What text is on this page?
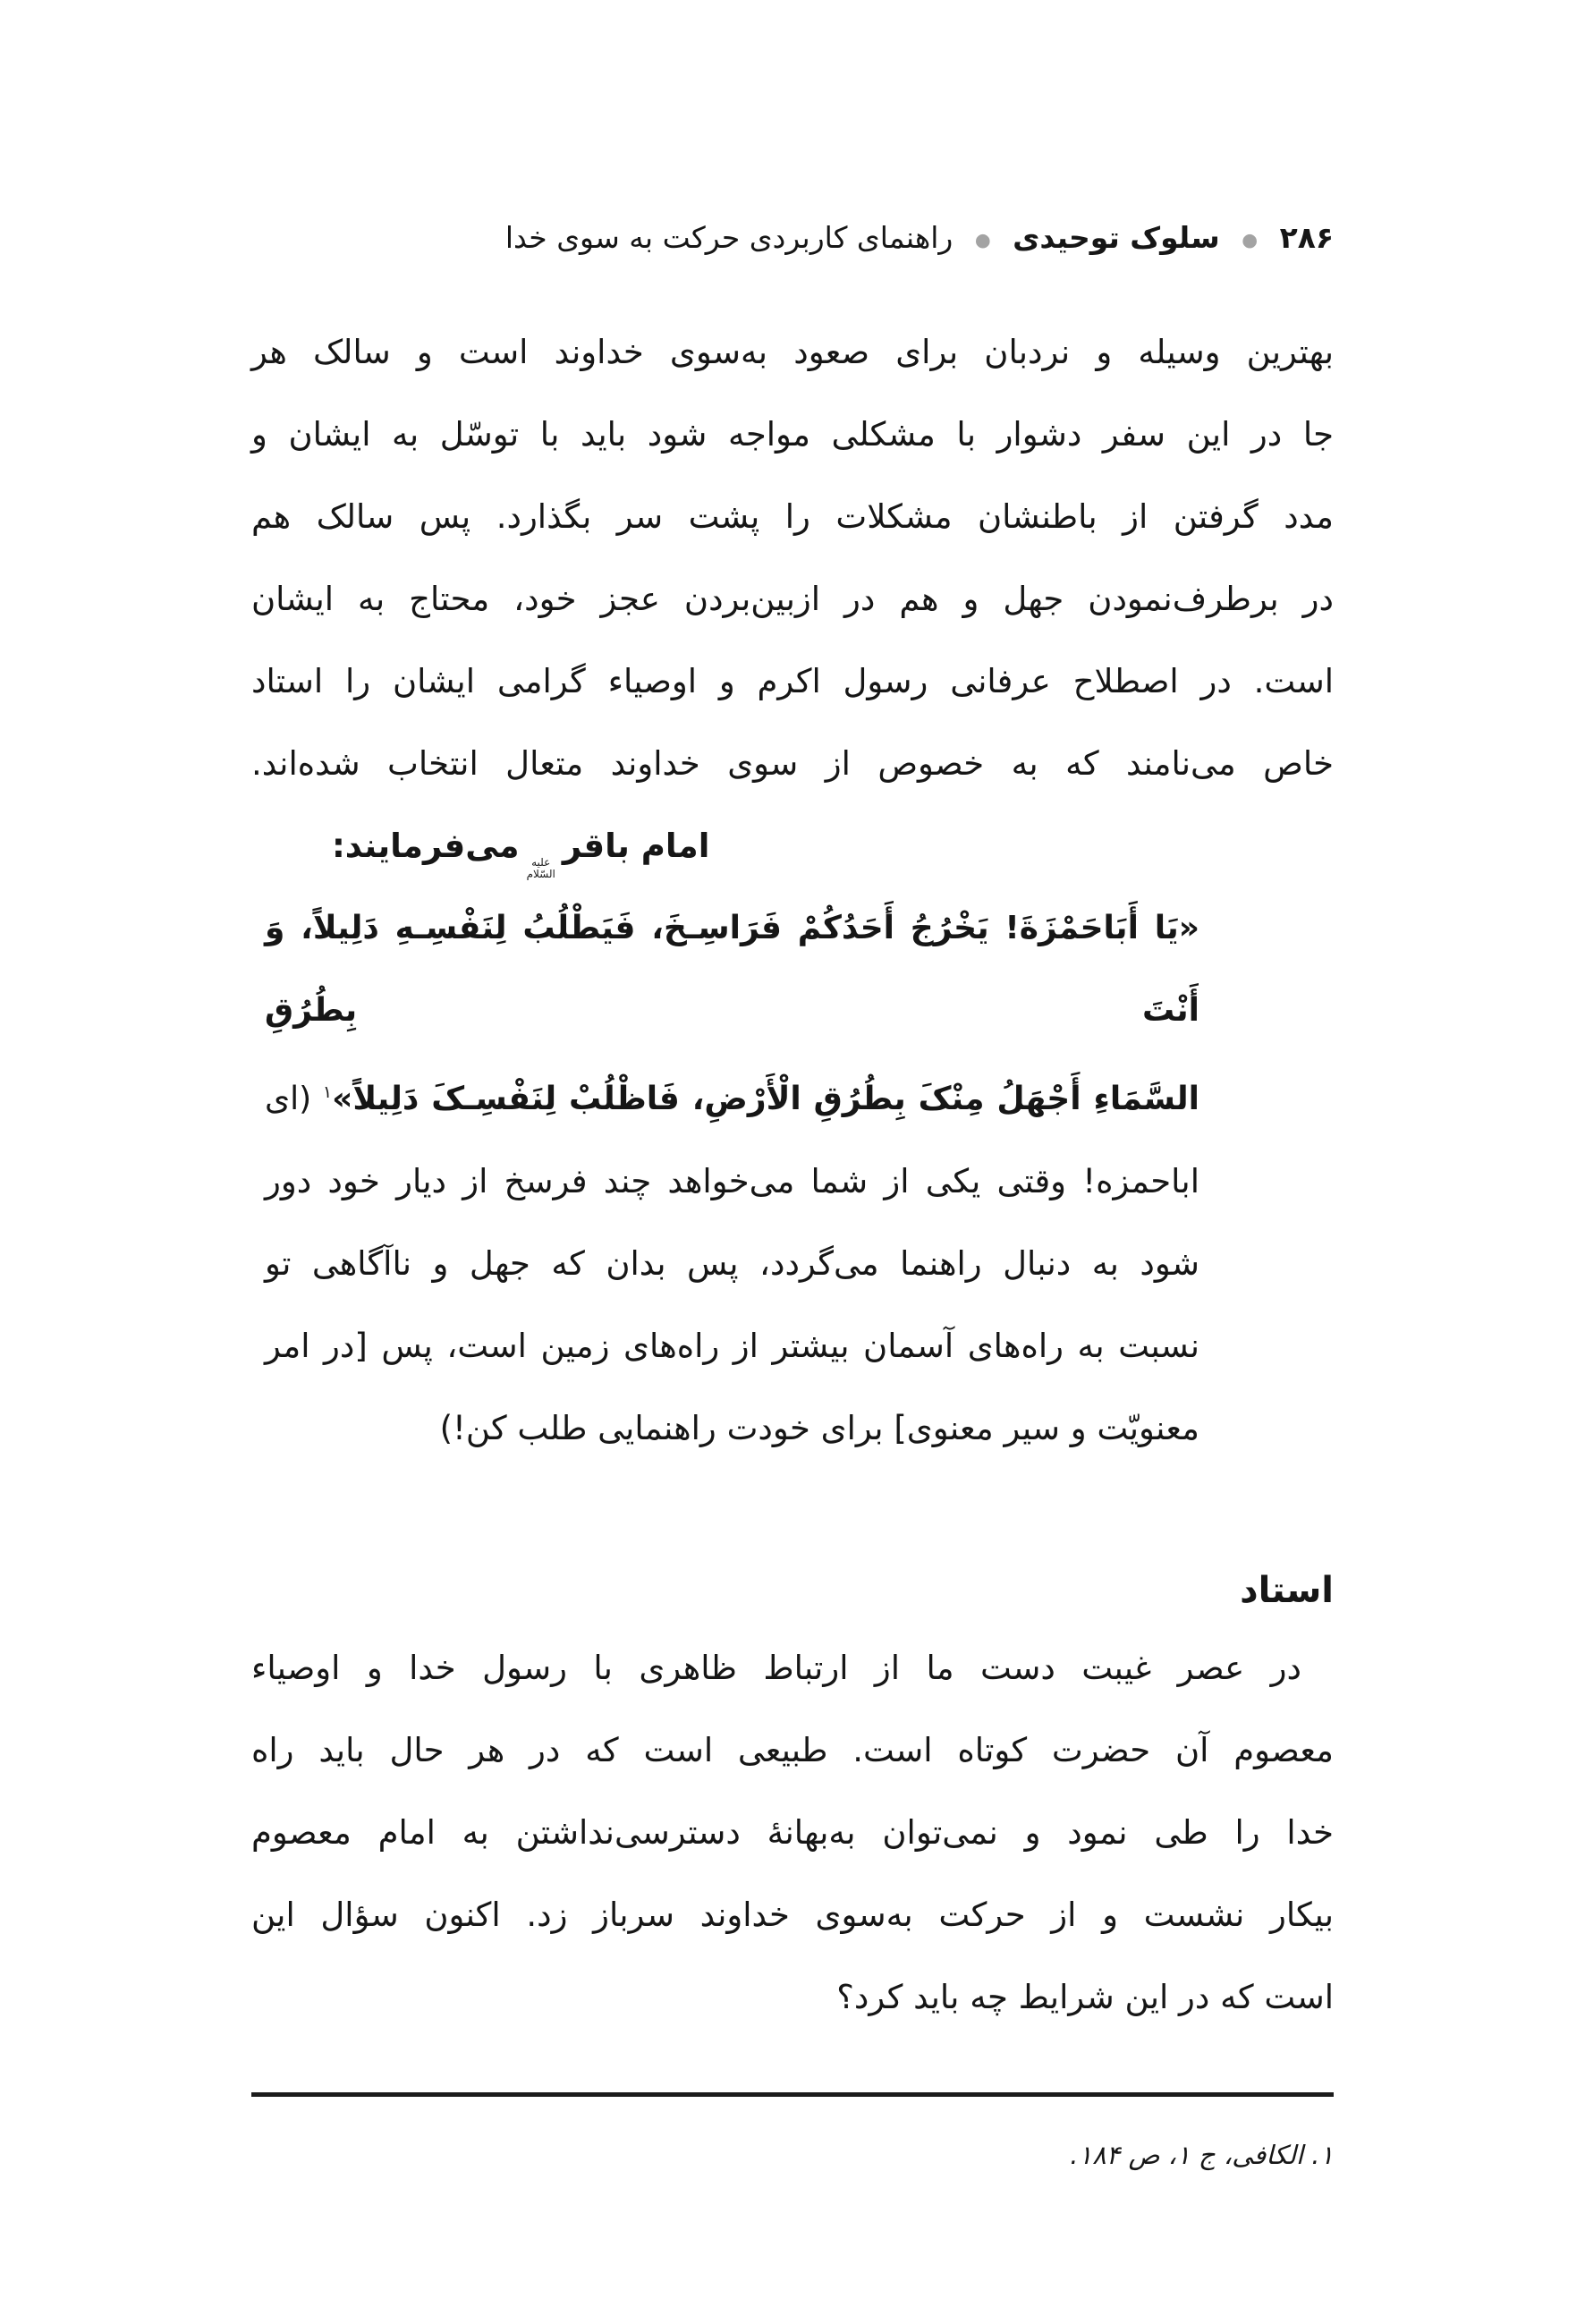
۲۸۶ ● سلوک توحیدی ● راهنمای کاربردی حرکت به سوی خدا
بهترین وسیله و نردبان برای صعود به‌سوی خداوند است و سالک هر
جا در این سفر دشوار با مشکلی مواجه شود باید با توسّل به ایشان و
مدد گرفتن از باطنشان مشکلات را پشت سر بگذارد. پس سالک هم
در برطرف‌نمودن جهل و هم در ازبین‌بردن عجز خود، محتاج به ایشان
است. در اصطلاح عرفانی رسول اکرم و اوصیاء گرامی ایشان را استاد
خاص می‌نامند که به خصوص از سوی خداوند متعال انتخاب شده‌اند.
امام باقر
علیه
السّلام
می‌فرمایند:
«یَا أَبَاحَمْزَةَ! یَخْرُجُ أَحَدُکُمْ فَرَاسِـخَ، فَیَطْلُبُ لِنَفْسِـهِ دَلِیلاً، وَ أَنْتَ بِطُرُقِ
السَّمَاءِ أَجْهَلُ مِنْکَ بِطُرُقِ الْأَرْضِ، فَاظْلُبْ لِنَفْسِـکَ دَلِیلاً»$^۱$ (ای
اباحمزه! وقتی یکی از شما می‌خواهد چند فرسخ از دیار خود دور
شود به دنبال راهنما می‌گردد، پس بدان که جهل و ناآگاهی تو
نسبت به راه‌های آسمان بیشتر از راه‌های زمین است، پس [در امر
معنویّت و سیر معنوی] برای خودت راهنمایی طلب کن!)
استاد
در عصر غیبت دست ما از ارتباط ظاهری با رسول خدا و اوصیاء
معصوم آن حضرت کوتاه است. طبیعی است که در هر حال باید راه
خدا را طی نمود و نمی‌توان به‌بهانهٔ دسترسی‌نداشتن به امام معصوم
بیکار نشست و از حرکت به‌سوی خداوند سرباز زد. اکنون سؤال این
است که در این شرایط چه باید کرد؟
۱. الکافی، ج ۱، ص ۱۸۴.
